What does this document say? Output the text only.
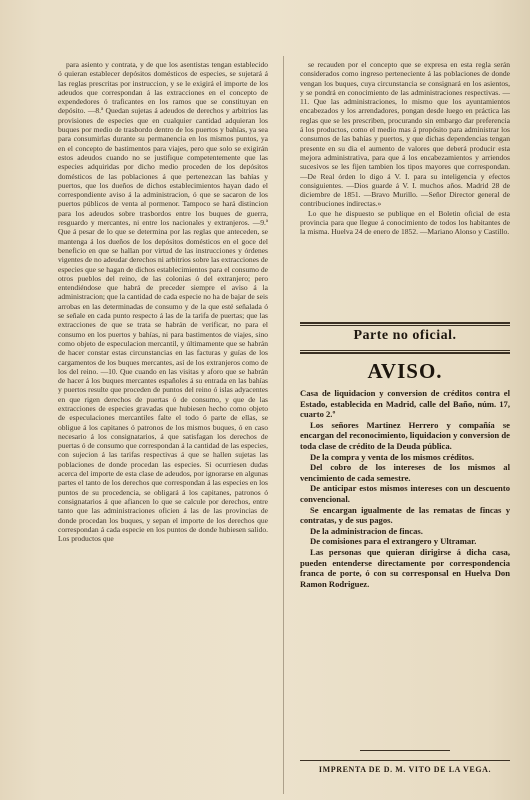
para asiento y contrata, y de que los asentistas tengan establecido ó quieran establecer depósitos domésticos de especies, se sujetará á las reglas prescritas por instruccion, y se le exigirá el importe de los adeudos que correspondan á las extracciones en el concepto de expendedores ó traficantes en los ramos que se constituyan en depósito. —8.ª Quedan sujetas á adeudos de derechos y arbitrios las provisiones de especies que en cualquier cantidad adquieran los buques por medio de trasbordo dentro de los puertos y bahías, ya sea para consumirlas durante su permanencia en los mismos puntos, ya en el concepto de bastimentos para viajes, pero que solo se exigirán estos adeudos cuando no se justifique competentemente que las especies adquiridas por dicho medio proceden de los depósitos domésticos de las poblaciones á que pertenezcan las bahías y puertos, que los dueños de dichos establecimientos hayan dado el correspondiente aviso á la administracion, ó que se sacaron de los puertos públicos de venta al pormenor. Tampoco se hará distincion para los adeudos sobre trasbordos entre los buques de guerra, resguardo y mercantes, ni entre los nacionales y extranjeros. —9.ª Que á pesar de lo que se determina por las reglas que anteceden, se mantenga á los dueños de los depósitos domésticos en el goce del beneficio en que se hallan por virtud de las instrucciones y órdenes vigentes de no adeudar derechos ni arbitrios sobre las extracciones de especies que se hagan de dichos establecimientos para el consumo de otros pueblos del reino, de las colonias ó del extranjero; pero entendiéndose que habrá de preceder siempre el aviso á la administracion; que la cantidad de cada especie no ha de bajar de seis arrobas en las determinadas de consumo y de la que esté señalada ó se señale en cada punto respecto á las de la tarifa de puertas; que las extracciones de que se trata se habrán de verificar, no para el consumo en los puertos y bahías, ni para bastimentos de viajes, sino como objeto de especulacion mercantil, y últimamente que se habrán de hacer constar estas circunstancias en las facturas y guías de los cargamentos de los buques mercantes, así de los extranjeros como de los del reino. —10. Que cuando en las visitas y aforo que se habrán de hacer á los buques mercantes españoles á su entrada en las bahías y puertos resulte que proceden de puntos del reino ó islas adyacentes en que rigen derechos de puertas ó de consumo, y que de las extracciones de especies gravadas que hubiesen hecho como objeto de especulaciones mercantiles falte el todo ó parte de ellas, se obligue á los capitanes ó patronos de los mismos buques, ó en caso necesario á los consignatarios, á que satisfagan los derechos de puertas ó de consumo que correspondan á la cantidad de las especies, con sujecion á las tarifas respectivas á que se hallen sujetas las poblaciones de donde procedan las especies. Si ocurriesen dudas acerca del importe de esta clase de adeudos, por ignorarse en algunas partes el tanto de los derechos que correspondan á las especies en los puntos de su procedencia, se obligará á los capitanes, patronos ó consignatarios á que afiancen lo que se calcule por derechos, entre tanto que las administraciones oficien á las de las provincias de donde procedan los buques, y sepan el importe de los derechos que correspondan á cada especie en los puntos de donde hubiesen salido. Los productos que

se recauden por el concepto que se expresa en esta regla serán considerados como ingreso perteneciente á las poblaciones de donde vengan los buques, cuya circunstancia se consignará en los asientos, y se pondrá en conocimiento de las administraciones respectivas. —11. Que las administraciones, lo mismo que los ayuntamientos encabezados y los arrendadores, pongan desde luego en práctica las reglas que se les prescriben, procurando sin embargo dar preferencia á los productos, como el medio mas á propósito para administrar los consumos de las bahías y puertos, y que dichas dependencias tengan presente en su dia el aumento de valores que deberá producir esta mejora administrativa, para que á los encabezamientos y arriendos sucesivos se les fijen tambien los tipos mayores que correspondan. —De Real órden lo digo á V. I. para su inteligencia y efectos consiguientes. —Dios guarde á V. I. muchos años. Madrid 28 de diciembre de 1851. —Bravo Murillo. —Señor Director general de contribuciones indirectas.»

Lo que he dispuesto se publique en el Boletin oficial de esta provincia para que llegue á conocimiento de todos los habitantes de la misma. Huelva 24 de enero de 1852. —Mariano Alonso y Castillo.

Parte no oficial.
AVISO.

Casa de liquidacion y conversion de créditos contra el Estado, establecida en Madrid, calle del Baño, núm. 17, cuarto 2.º

Los señores Martinez Herrero y compañía se encargan del reconocimiento, liquidacion y conversion de toda clase de crédito de la Deuda pública.

De la compra y venta de los mismos créditos.

Del cobro de los intereses de los mismos al vencimiento de cada semestre.

De anticipar estos mismos intereses con un descuento convencional.

Se encargan igualmente de las rematas de fincas y contratas, y de sus pagos.

De la administracion de fincas.

De comisiones para el extrangero y Ultramar.

Las personas que quieran dirigirse á dicha casa, pueden entenderse directamente por correspondencia franca de porte, ó con su corresponsal en Huelva Don Ramon Rodriguez.

IMPRENTA DE D. M. VITO DE LA VEGA.
